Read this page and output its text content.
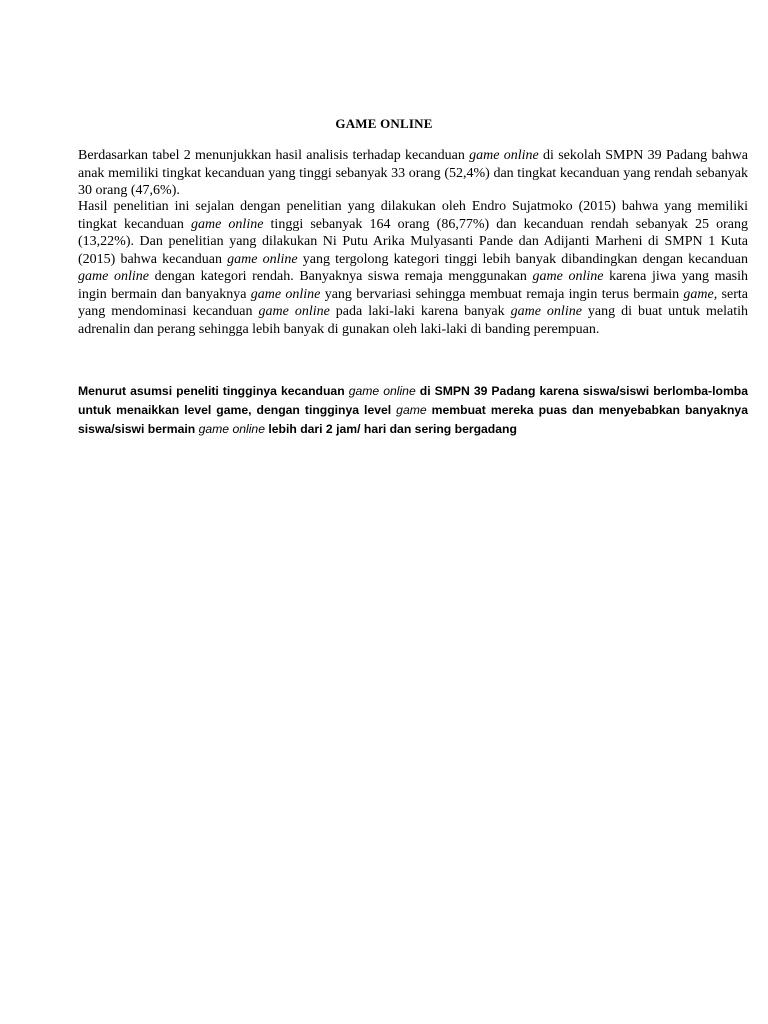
GAME ONLINE

Berdasarkan tabel 2 menunjukkan hasil analisis terhadap kecanduan game online di sekolah SMPN 39 Padang bahwa anak memiliki tingkat kecanduan yang tinggi sebanyak 33 orang (52,4%) dan tingkat kecanduan yang rendah sebanyak 30 orang (47,6%).

Hasil penelitian ini sejalan dengan penelitian yang dilakukan oleh Endro Sujatmoko (2015) bahwa yang memiliki tingkat kecanduan game online tinggi sebanyak 164 orang (86,77%) dan kecanduan rendah sebanyak 25 orang (13,22%). Dan penelitian yang dilakukan Ni Putu Arika Mulyasanti Pande dan Adijanti Marheni di SMPN 1 Kuta (2015) bahwa kecanduan game online yang tergolong kategori tinggi lebih banyak dibandingkan dengan kecanduan game online dengan kategori rendah. Banyaknya siswa remaja menggunakan game online karena jiwa yang masih ingin bermain dan banyaknya game online yang bervariasi sehingga membuat remaja ingin terus bermain game, serta yang mendominasi kecanduan game online pada laki-laki karena banyak game online yang di buat untuk melatih adrenalin dan perang sehingga lebih banyak di gunakan oleh laki-laki di banding perempuan.

Menurut asumsi peneliti tingginya kecanduan game online di SMPN 39 Padang karena siswa/siswi berlomba-lomba untuk menaikkan level game, dengan tingginya level game membuat mereka puas dan menyebabkan banyaknya siswa/siswi bermain game online lebih dari 2 jam/ hari dan sering bergadang
